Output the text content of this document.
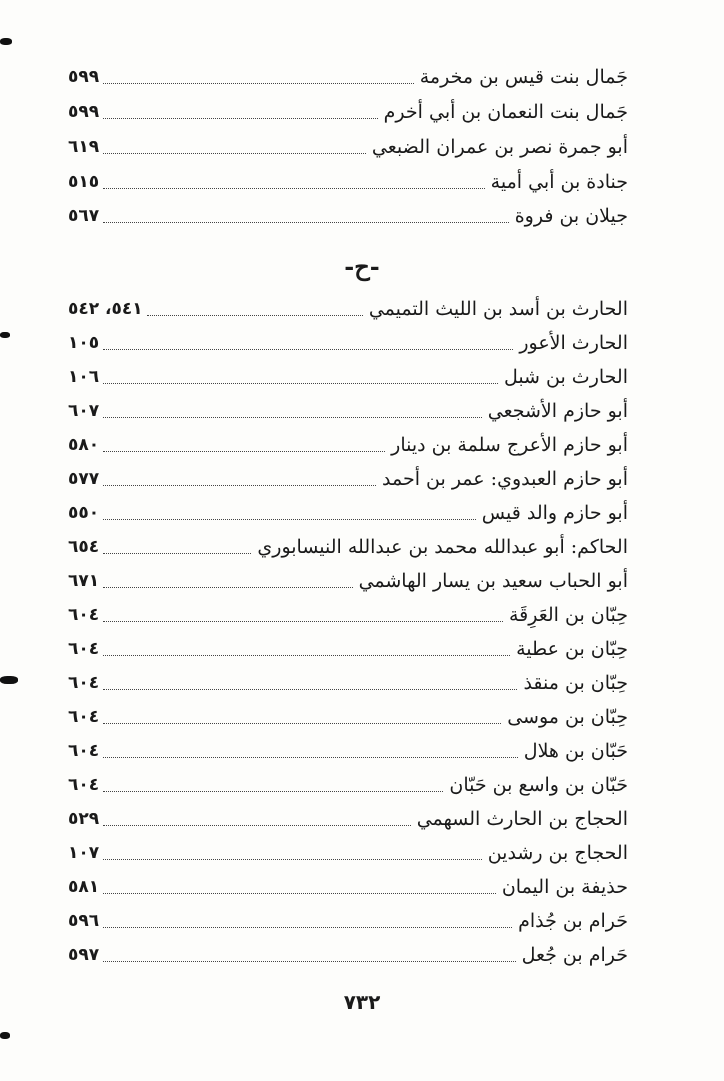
جَمال بنت قيس بن مخرمة
٥٩٩
جَمال بنت النعمان بن أبي أخرم
٥٩٩
أبو جمرة نصر بن عمران الضبعي
٦١٩
جنادة بن أبي أمية
٥١٥
جيلان بن فروة
٥٦٧
-ح-
الحارث بن أسد بن الليث التميمي
٥٤١، ٥٤٢
الحارث الأعور
١٠٥
الحارث بن شبل
١٠٦
أبو حازم الأشجعي
٦٠٧
أبو حازم الأعرج سلمة بن دينار
٥٨٠
أبو حازم العبدوي: عمر بن أحمد
٥٧٧
أبو حازم والد قيس
٥٥٠
الحاكم: أبو عبدالله محمد بن عبدالله النيسابوري
٦٥٤
أبو الحباب سعيد بن يسار الهاشمي
٦٧١
حِبّان بن العَرِقَة
٦٠٤
حِبّان بن عطية
٦٠٤
حِبّان بن منقذ
٦٠٤
حِبّان بن موسى
٦٠٤
حَبّان بن هلال
٦٠٤
حَبّان بن واسع بن حَبّان
٦٠٤
الحجاج بن الحارث السهمي
٥٢٩
الحجاج بن رشدين
١٠٧
حذيفة بن اليمان
٥٨١
حَرام بن جُذام
٥٩٦
حَرام بن جُعل
٥٩٧
٧٣٢
